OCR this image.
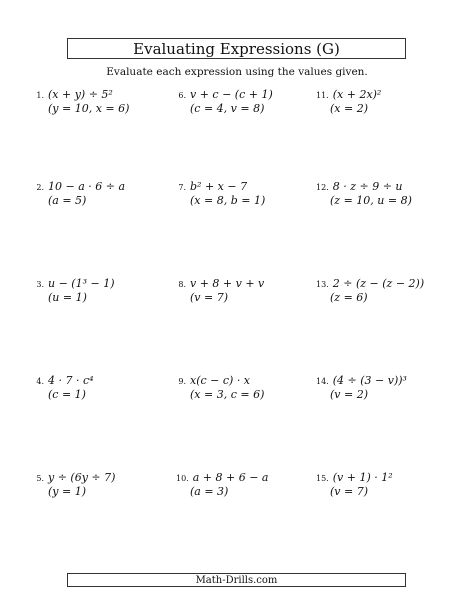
Evaluating Expressions (G)
Evaluate each expression using the values given.
1. (x + y) ÷ 5²
(y = 10, x = 6)
2. 10 − a · 6 ÷ a
(a = 5)
3. u − (1³ − 1)
(u = 1)
4. 4 · 7 · c⁴
(c = 1)
5. y ÷ (6y ÷ 7)
(y = 1)
6. v + c − (c + 1)
(c = 4, v = 8)
7. b² + x − 7
(x = 8, b = 1)
8. v + 8 + v + v
(v = 7)
9. x(c − c) · x
(x = 3, c = 6)
10. a + 8 + 6 − a
(a = 3)
11. (x + 2x)²
(x = 2)
12. 8 · z ÷ 9 ÷ u
(z = 10, u = 8)
13. 2 ÷ (z − (z − 2))
(z = 6)
14. (4 ÷ (3 − v))³
(v = 2)
15. (v + 1) · 1²
(v = 7)
Math-Drills.com
